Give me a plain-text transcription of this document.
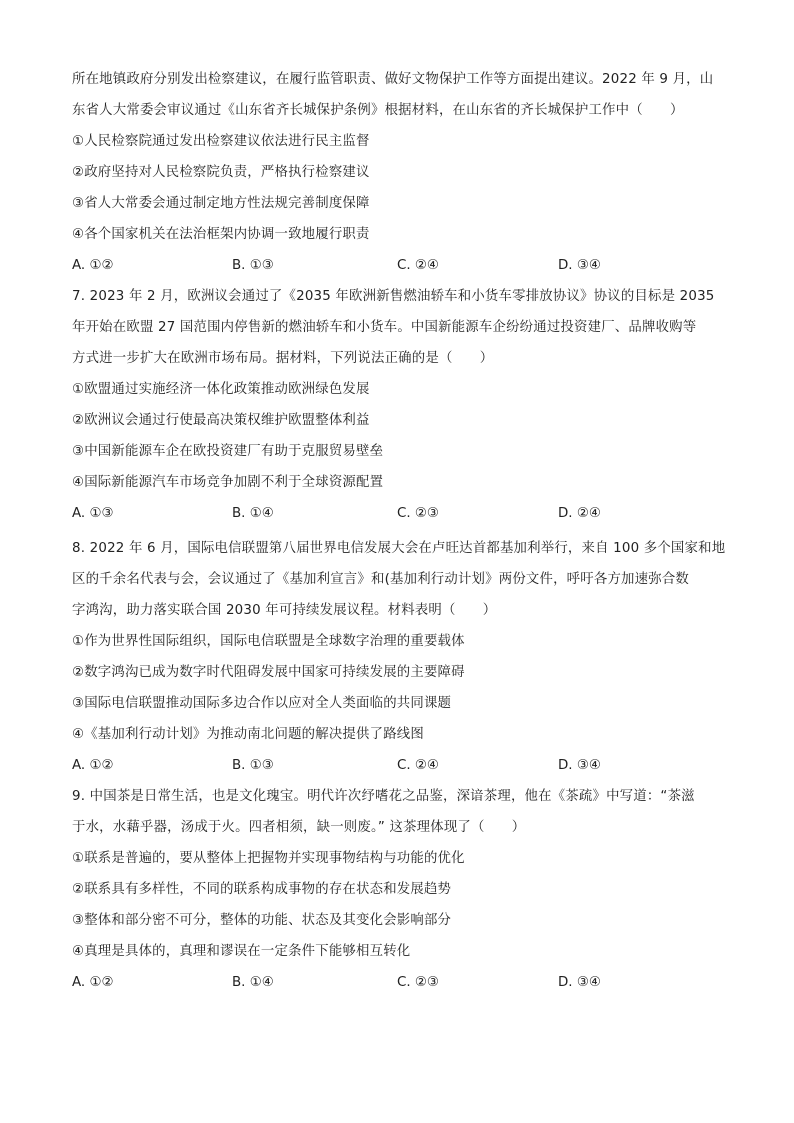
所在地镇政府分别发出检察建议，在履行监管职责、做好文物保护工作等方面提出建议。2022 年 9 月，山
东省人大常委会审议通过《山东省齐长城保护条例》根据材料，在山东省的齐长城保护工作中（　　）
①人民检察院通过发出检察建议依法进行民主监督
②政府坚持对人民检察院负责，严格执行检察建议
③省人大常委会通过制定地方性法规完善制度保障
④各个国家机关在法治框架内协调一致地履行职责
A. ①②	B. ①③	C. ②④	D. ③④
7. 2023 年 2 月，欧洲议会通过了《2035 年欧洲新售燃油轿车和小货车零排放协议》协议的目标是 2035
年开始在欧盟 27 国范围内停售新的燃油轿车和小货车。中国新能源车企纷纷通过投资建厂、品牌收购等
方式进一步扩大在欧洲市场布局。据材料，下列说法正确的是（　　）
①欧盟通过实施经济一体化政策推动欧洲绿色发展
②欧洲议会通过行使最高决策权维护欧盟整体利益
③中国新能源车企在欧投资建厂有助于克服贸易壁垒
④国际新能源汽车市场竞争加剧不利于全球资源配置
A. ①③	B. ①④	C. ②③	D. ②④
8. 2022 年 6 月，国际电信联盟第八届世界电信发展大会在卢旺达首都基加利举行，来自 100 多个国家和地
区的千余名代表与会，会议通过了《基加利宣言》和(基加利行动计划》两份文件，呼吁各方加速弥合数
字鸿沟，助力落实联合国 2030 年可持续发展议程。材料表明（　　）
①作为世界性国际组织，国际电信联盟是全球数字治理的重要载体
②数字鸿沟已成为数字时代阻碍发展中国家可持续发展的主要障碍
③国际电信联盟推动国际多边合作以应对全人类面临的共同课题
④《基加利行动计划》为推动南北问题的解决提供了路线图
A. ①②	B. ①③	C. ②④	D. ③④
9. 中国茶是日常生活，也是文化瑰宝。明代许次纾嗜花之品鉴，深谙茶理，他在《茶疏》中写道：“茶滋
于水，水藉乎器，汤成于火。四者相须，缺一则废。” 这茶理体现了（　　）
①联系是普遍的，要从整体上把握物并实现事物结构与功能的优化
②联系具有多样性，不同的联系构成事物的存在状态和发展趋势
③整体和部分密不可分，整体的功能、状态及其变化会影响部分
④真理是具体的，真理和谬误在一定条件下能够相互转化
A. ①②	B. ①④	C. ②③	D. ③④
